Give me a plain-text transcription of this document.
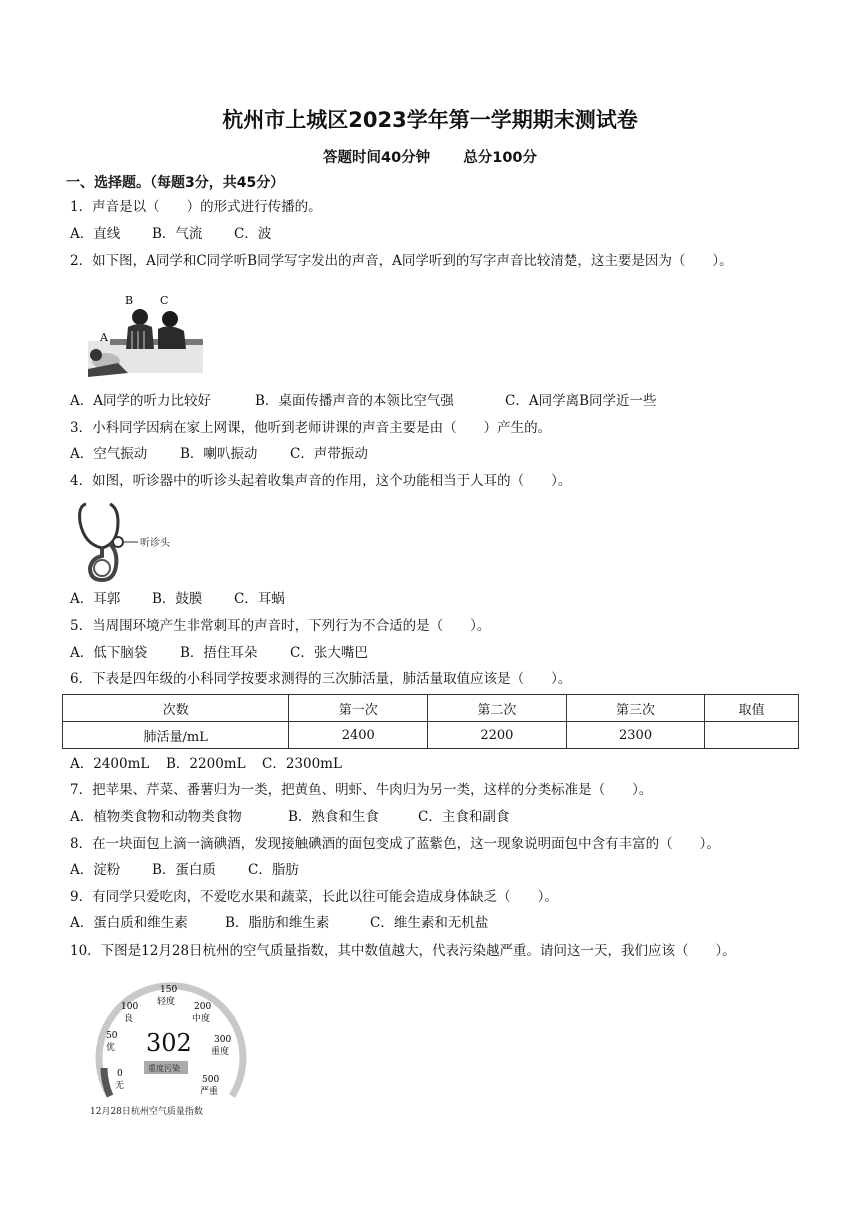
杭州市上城区2023学年第一学期期末测试卷
答题时间40分钟 总分100分
一、选择题。（每题3分，共45分）
1．声音是以（　　）的形式进行传播的。
A．直线 B．气流 C．波
2．如下图，A同学和C同学听B同学写字发出的声音，A同学听到的写字声音比较清楚，这主要是因为（　　）。
B C
A
A．A同学的听力比较好	B．桌面传播声音的本领比空气强	C．A同学离B同学近一些
3．小科同学因病在家上网课，他听到老师讲课的声音主要是由（　　）产生的。
A．空气振动 B．喇叭振动 C．声带振动
4．如图，听诊器中的听诊头起着收集声音的作用，这个功能相当于人耳的（　　）。
听诊头
A．耳郭 B．鼓膜 C．耳蜗
5．当周围环境产生非常刺耳的声音时，下列行为不合适的是（　　）。
A．低下脑袋 B．捂住耳朵 C．张大嘴巴
6．下表是四年级的小科同学按要求测得的三次肺活量，肺活量取值应该是（　　）。
次数	第一次	第二次	第三次	取值
肺活量/mL	2400	2200	2300	
A．2400mL B．2200mL C．2300mL
7．把苹果、芹菜、番薯归为一类，把黄鱼、明虾、牛肉归为另一类，这样的分类标准是（　　）。
A．植物类食物和动物类食物	B．熟食和生食	C．主食和副食
8．在一块面包上滴一滴碘酒，发现接触碘酒的面包变成了蓝紫色，这一现象说明面包中含有丰富的（　　）。
A．淀粉 B．蛋白质 C．脂肪
9．有同学只爱吃肉，不爱吃水果和蔬菜，长此以往可能会造成身体缺乏（　　）。
A．蛋白质和维生素	B．脂肪和维生素	C．维生素和无机盐
10．下图是12月28日杭州的空气质量指数，其中数值越大，代表污染越严重。请问这一天，我们应该（　　）。
0
无
50
优
100
良
150
轻度 200
中度
300
重度
500
严重
302
重度污染
12月28日杭州空气质量指数
